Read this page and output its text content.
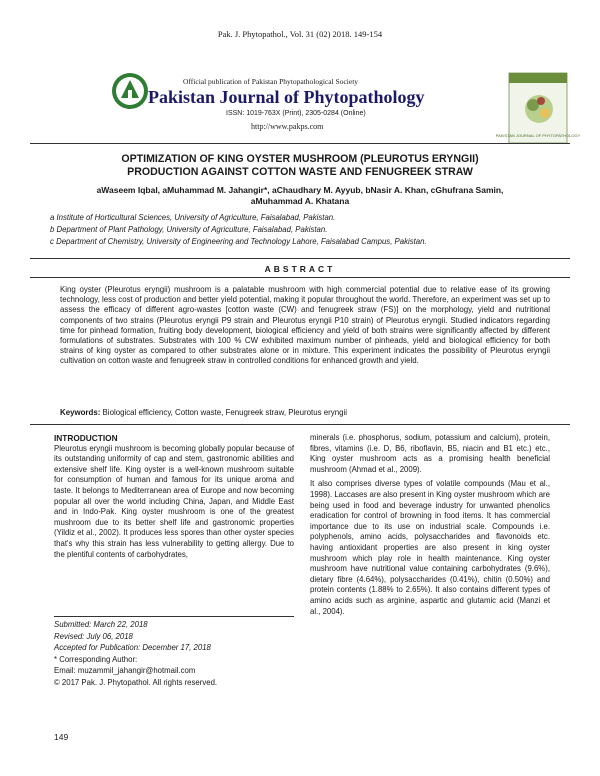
Pak. J. Phytopathol., Vol. 31 (02) 2018. 149-154
Official publication of Pakistan Phytopathological Society
Pakistan Journal of Phytopathology
ISSN: 1019-763X (Print), 2305-0284 (Online)
http://www.pakps.com
PAKISTAN JOURNAL OF PHYTOPATHOLOGY
OPTIMIZATION OF KING OYSTER MUSHROOM (PLEUROTUS ERYNGII)
PRODUCTION AGAINST COTTON WASTE AND FENUGREEK STRAW
aWaseem Iqbal, aMuhammad M. Jahangir*, aChaudhary M. Ayyub, bNasir A. Khan, cGhufrana Samin,
aMuhammad A. Khatana
a Institute of Horticultural Sciences, University of Agriculture, Faisalabad, Pakistan.
b Department of Plant Pathology, University of Agriculture, Faisalabad, Pakistan.
c Department of Chemistry, University of Engineering and Technology Lahore, Faisalabad Campus, Pakistan.
ABSTRACT
King oyster (Pleurotus eryngii) mushroom is a palatable mushroom with high commercial potential due to relative ease of its growing technology, less cost of production and better yield potential, making it popular throughout the world. Therefore, an experiment was set up to assess the efficacy of different agro-wastes [cotton waste (CW) and fenugreek straw (FS)] on the morphology, yield and nutritional components of two strains (Pleurotus eryngii P9 strain and Pleurotus eryngii P10 strain) of Pleurotus eryngii. Studied indicators regarding time for pinhead formation, fruiting body development, biological efficiency and yield of both strains were significantly affected by different formulations of substrates. Substrates with 100 % CW exhibited maximum number of pinheads, yield and biological efficiency for both strains of king oyster as compared to other substrates alone or in mixture. This experiment indicates the possibility of Pleurotus eryngii cultivation on cotton waste and fenugreek straw in controlled conditions for enhanced growth and yield.
Keywords: Biological efficiency, Cotton waste, Fenugreek straw, Pleurotus eryngii
INTRODUCTION

Pleurotus eryngii mushroom is becoming globally popular because of its outstanding uniformity of cap and stem, gastronomic abilities and extensive shelf life. King oyster is a well-known mushroom suitable for consumption of human and famous for its unique aroma and taste. It belongs to Mediterranean area of Europe and now becoming popular all over the world including China, Japan, and Middle East and in Indo-Pak. King oyster mushroom is one of the greatest mushroom due to its better shelf life and gastronomic properties (Yildiz et al., 2002). It produces less spores than other oyster species that's why this strain has less vulnerability to getting allergy. Due to the plentiful contents of carbohydrates,

Submitted: March 22, 2018
Revised: July 06, 2018
Accepted for Publication: December 17, 2018
* Corresponding Author:
Email: muzammil_jahangir@hotmail.com
© 2017 Pak. J. Phytopathol. All rights reserved.

minerals (i.e. phosphorus, sodium, potassium and calcium), protein, fibres, vitamins (i.e. D, B6, riboflavin, B5, niacin and B1 etc.) etc., King oyster mushroom acts as a promising health beneficial mushroom (Ahmad et al., 2009).

It also comprises diverse types of volatile compounds (Mau et al., 1998). Laccases are also present in King oyster mushroom which are being used in food and beverage industry for unwanted phenolics eradication for control of browning in food items. It has commercial importance due to its use on industrial scale. Compounds i.e. polyphenols, amino acids, polysaccharides and flavonoids etc. having antioxidant properties are also present in king oyster mushroom which play role in health maintenance. King oyster mushroom have nutritional value containing carbohydrates (9.6%), dietary fibre (4.64%), polysaccharides (0.41%), chitin (0.50%) and protein contents (1.88% to 2.65%). It also contains different types of amino acids such as arginine, aspartic and glutamic acid (Manzi et al., 2004).

149
